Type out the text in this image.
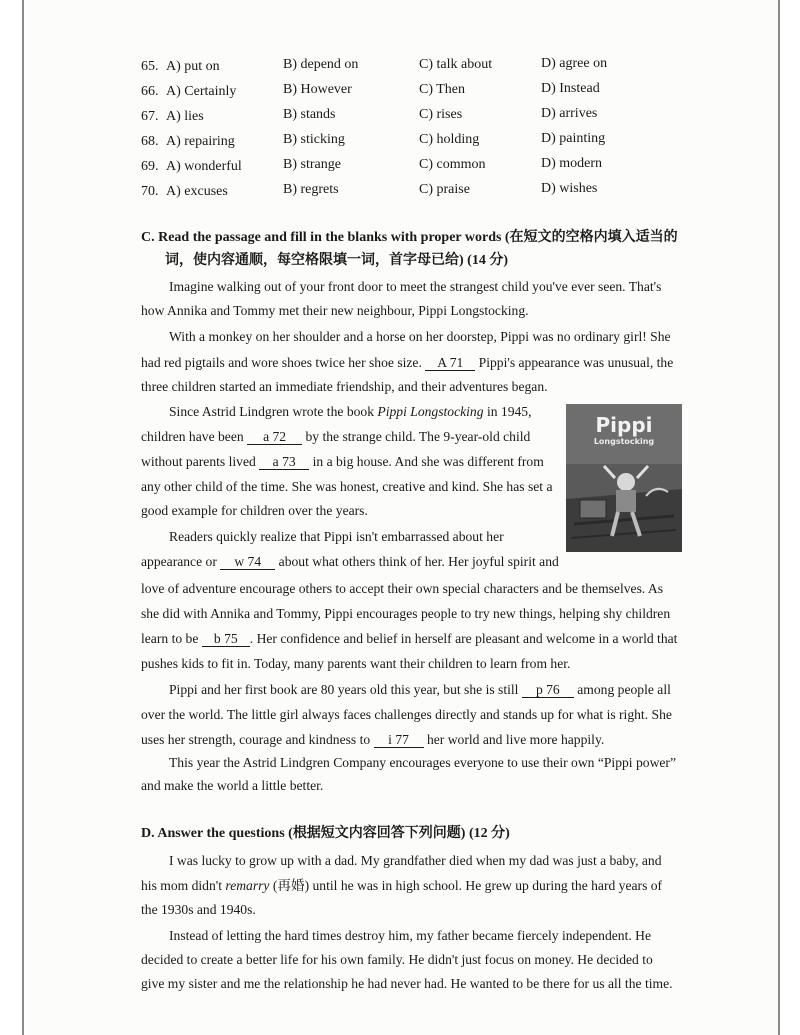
65. A) put on	B) depend on	C) talk about	D) agree on
66. A) Certainly	B) However	C) Then	D) Instead
67. A) lies	B) stands	C) rises	D) arrives
68. A) repairing	B) sticking	C) holding	D) painting
69. A) wonderful	B) strange	C) common	D) modern
70. A) excuses	B) regrets	C) praise	D) wishes
C. Read the passage and fill in the blanks with proper words (在短文的空格内填入适当的
词，使内容通顺，每空格限填一词，首字母已给) (14 分)
Imagine walking out of your front door to meet the strangest child you've ever seen. That's
how Annika and Tommy met their new neighbour, Pippi Longstocking.
With a monkey on her shoulder and a horse on her doorstep, Pippi was no ordinary girl! She
had red pigtails and wore shoes twice her shoe size. A 71 Pippi's appearance was unusual, the
three children started an immediate friendship, and their adventures began.
Since Astrid Lindgren wrote the book Pippi Longstocking in 1945,
children have been a 72 by the strange child. The 9-year-old child
without parents lived a 73 in a big house. And she was different from
any other child of the time. She was honest, creative and kind. She has set a
good example for children over the years.
Readers quickly realize that Pippi isn't embarrassed about her
appearance or w 74 about what others think of her. Her joyful spirit and
love of adventure encourage others to accept their own special characters and be themselves. As
she did with Annika and Tommy, Pippi encourages people to try new things, helping shy children
learn to be b 75. Her confidence and belief in herself are pleasant and welcome in a world that
pushes kids to fit in. Today, many parents want their children to learn from her.
Pippi and her first book are 80 years old this year, but she is still p 76 among people all
over the world. The little girl always faces challenges directly and stands up for what is right. She
uses her strength, courage and kindness to i 77 her world and live more happily.
This year the Astrid Lindgren Company encourages everyone to use their own “Pippi power”
and make the world a little better.
Pippi
Longstocking
D. Answer the questions (根据短文内容回答下列问题) (12 分)
I was lucky to grow up with a dad. My grandfather died when my dad was just a baby, and
his mom didn't remarry (再婚) until he was in high school. He grew up during the hard years of
the 1930s and 1940s.
Instead of letting the hard times destroy him, my father became fiercely independent. He
decided to create a better life for his own family. He didn't just focus on money. He decided to
give my sister and me the relationship he had never had. He wanted to be there for us all the time.
